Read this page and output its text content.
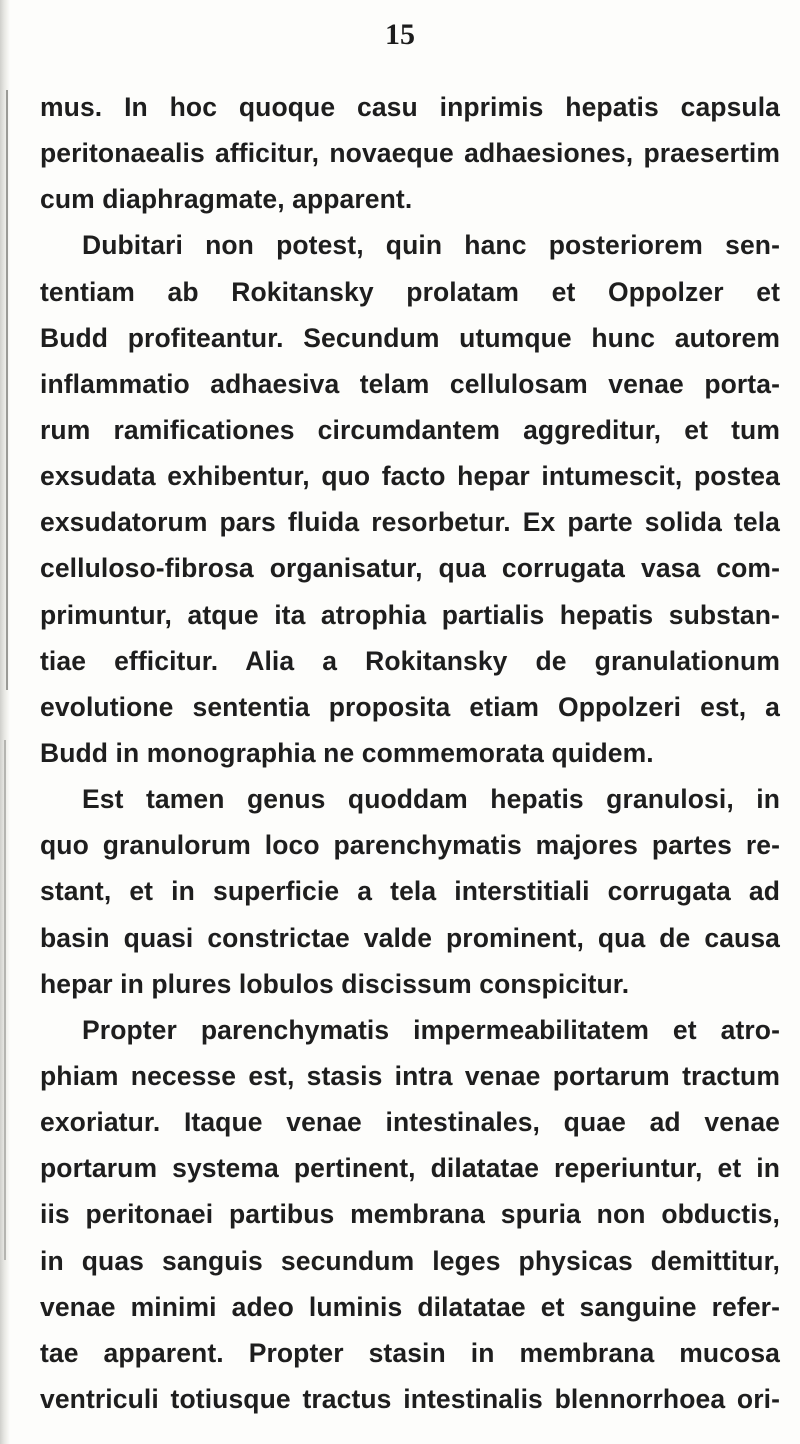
15
mus. In hoc quoque casu inprimis hepatis capsula
peritonaealis afficitur, novaeque adhaesiones, praesertim
cum diaphragmate, apparent.
Dubitari non potest, quin hanc posteriorem sen-
tentiam ab Rokitansky prolatam et Oppolzer et
Budd profiteantur. Secundum utumque hunc autorem
inflammatio adhaesiva telam cellulosam venae porta-
rum ramificationes circumdantem aggreditur, et tum
exsudata exhibentur, quo facto hepar intumescit, postea
exsudatorum pars fluida resorbetur. Ex parte solida tela
celluloso-fibrosa organisatur, qua corrugata vasa com-
primuntur, atque ita atrophia partialis hepatis substan-
tiae efficitur. Alia a Rokitansky de granulationum
evolutione sententia proposita etiam Oppolzeri est, a
Budd in monographia ne commemorata quidem.
Est tamen genus quoddam hepatis granulosi, in
quo granulorum loco parenchymatis majores partes re-
stant, et in superficie a tela interstitiali corrugata ad
basin quasi constrictae valde prominent, qua de causa
hepar in plures lobulos discissum conspicitur.
Propter parenchymatis impermeabilitatem et atro-
phiam necesse est, stasis intra venae portarum tractum
exoriatur. Itaque venae intestinales, quae ad venae
portarum systema pertinent, dilatatae reperiuntur, et in
iis peritonaei partibus membrana spuria non obductis,
in quas sanguis secundum leges physicas demittitur,
venae minimi adeo luminis dilatatae et sanguine refer-
tae apparent. Propter stasin in membrana mucosa
ventriculi totiusque tractus intestinalis blennorrhoea ori-
